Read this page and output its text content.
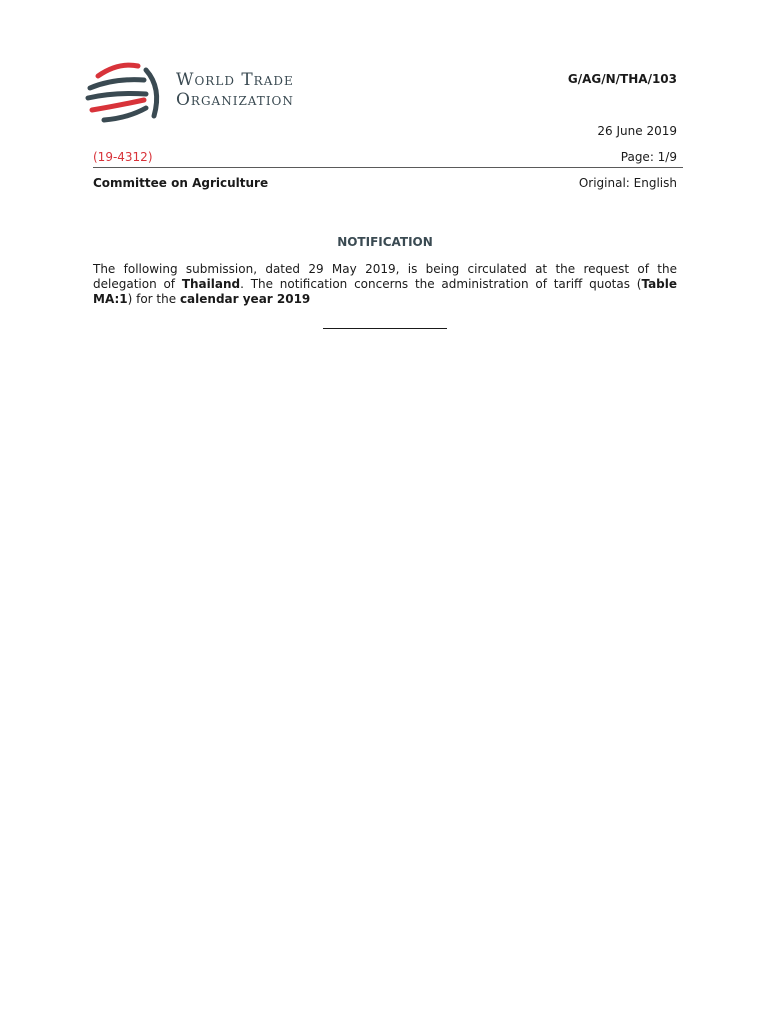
World Trade
Organization
G/AG/N/THA/103
26 June 2019
(19-4312)	Page: 1/9
Committee on Agriculture	Original: English
NOTIFICATION
The following submission, dated 29 May 2019, is being circulated at the request of the delegation of Thailand. The notification concerns the administration of tariff quotas (Table MA:1) for the calendar year 2019
